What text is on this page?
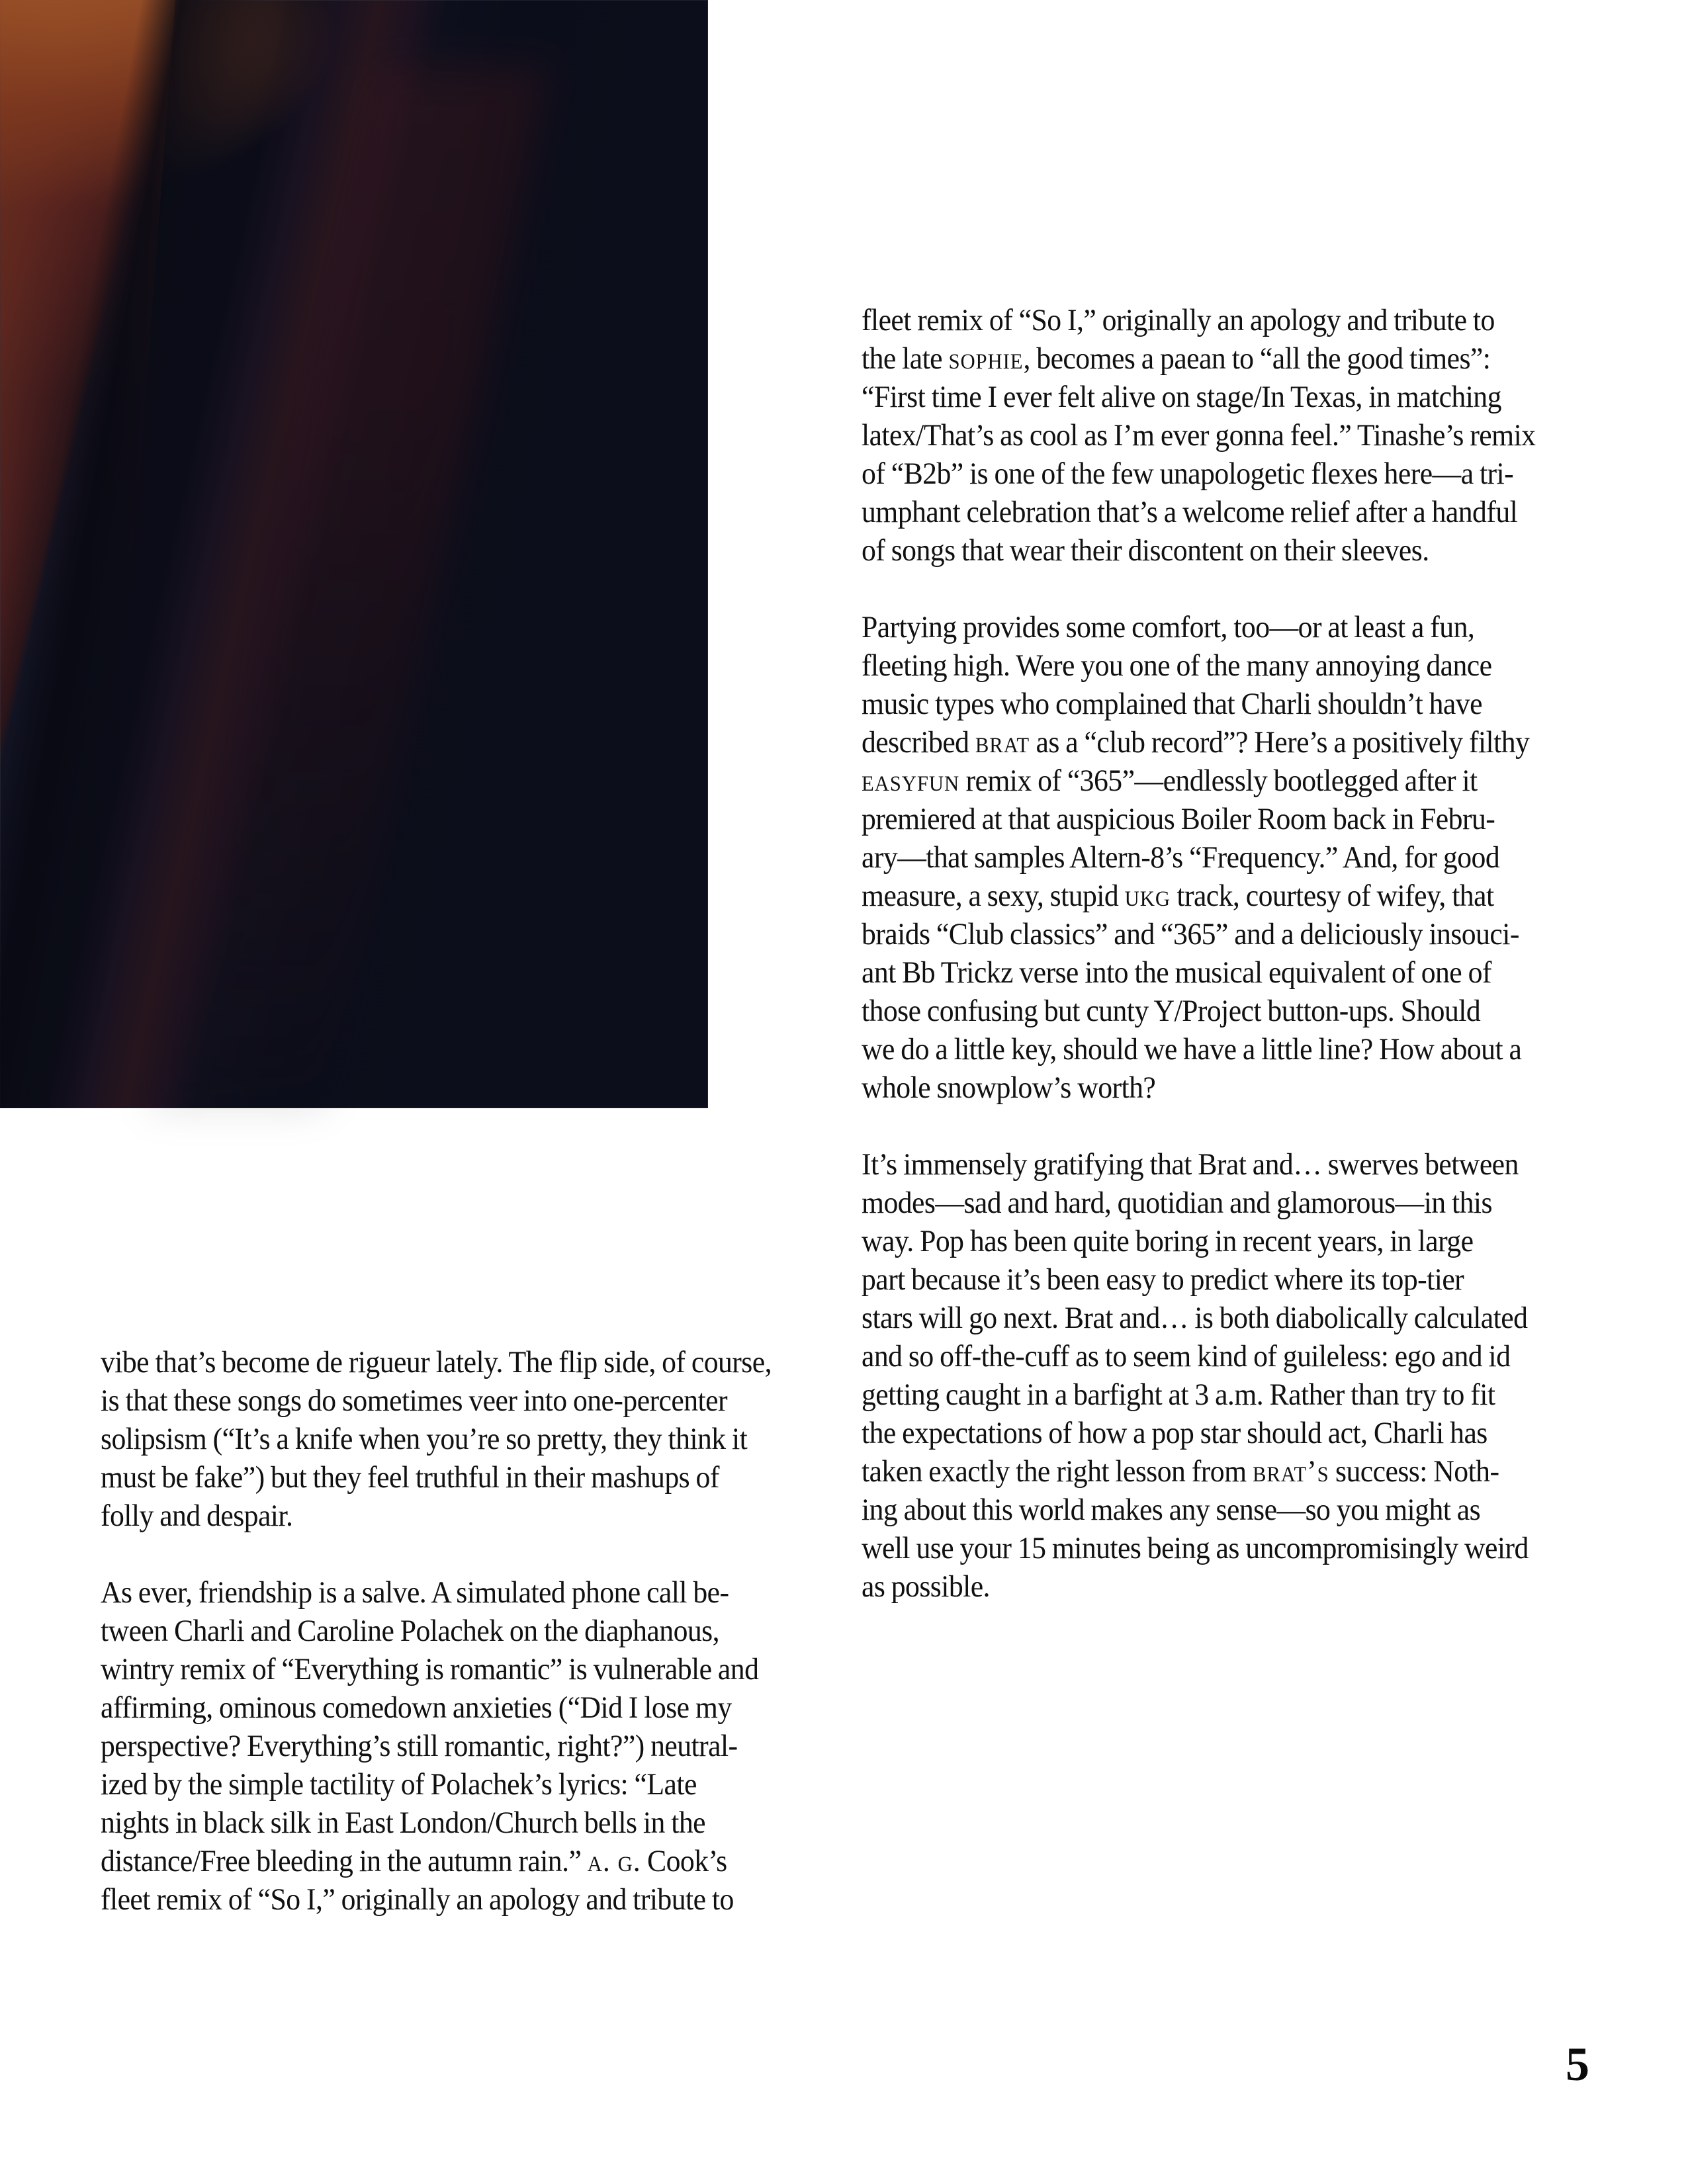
vibe that’s become de rigueur lately. The flip side, of course,
is that these songs do sometimes veer into one-percenter
solipsism (“It’s a knife when you’re so pretty, they think it
must be fake”) but they feel truthful in their mashups of
folly and despair.
As ever, friendship is a salve. A simulated phone call be-
tween Charli and Caroline Polachek on the diaphanous,
wintry remix of “Everything is romantic” is vulnerable and
affirming, ominous comedown anxieties (“Did I lose my
perspective? Everything’s still romantic, right?”) neutral-
ized by the simple tactility of Polachek’s lyrics: “Late
nights in black silk in East London/Church bells in the
distance/Free bleeding in the autumn rain.” a. g. Cook’s
fleet remix of “So I,” originally an apology and tribute to
fleet remix of “So I,” originally an apology and tribute to
the late sophie, becomes a paean to “all the good times”:
“First time I ever felt alive on stage/In Texas, in matching
latex/That’s as cool as I’m ever gonna feel.” Tinashe’s remix
of “B2b” is one of the few unapologetic flexes here—a tri-
umphant celebration that’s a welcome relief after a handful
of songs that wear their discontent on their sleeves.
Partying provides some comfort, too—or at least a fun,
fleeting high. Were you one of the many annoying dance
music types who complained that Charli shouldn’t have
described brat as a “club record”? Here’s a positively filthy
easyfun remix of “365”—endlessly bootlegged after it
premiered at that auspicious Boiler Room back in Febru-
ary—that samples Altern-8’s “Frequency.” And, for good
measure, a sexy, stupid ukg track, courtesy of wifey, that
braids “Club classics” and “365” and a deliciously insouci-
ant Bb Trickz verse into the musical equivalent of one of
those confusing but cunty Y/Project button-ups. Should
we do a little key, should we have a little line? How about a
whole snowplow’s worth?
It’s immensely gratifying that Brat and… swerves between
modes—sad and hard, quotidian and glamorous—in this
way. Pop has been quite boring in recent years, in large
part because it’s been easy to predict where its top-tier
stars will go next. Brat and… is both diabolically calculated
and so off-the-cuff as to seem kind of guileless: ego and id
getting caught in a barfight at 3 a.m. Rather than try to fit
the expectations of how a pop star should act, Charli has
taken exactly the right lesson from brat’s success: Noth-
ing about this world makes any sense—so you might as
well use your 15 minutes being as uncompromisingly weird
as possible.
5
